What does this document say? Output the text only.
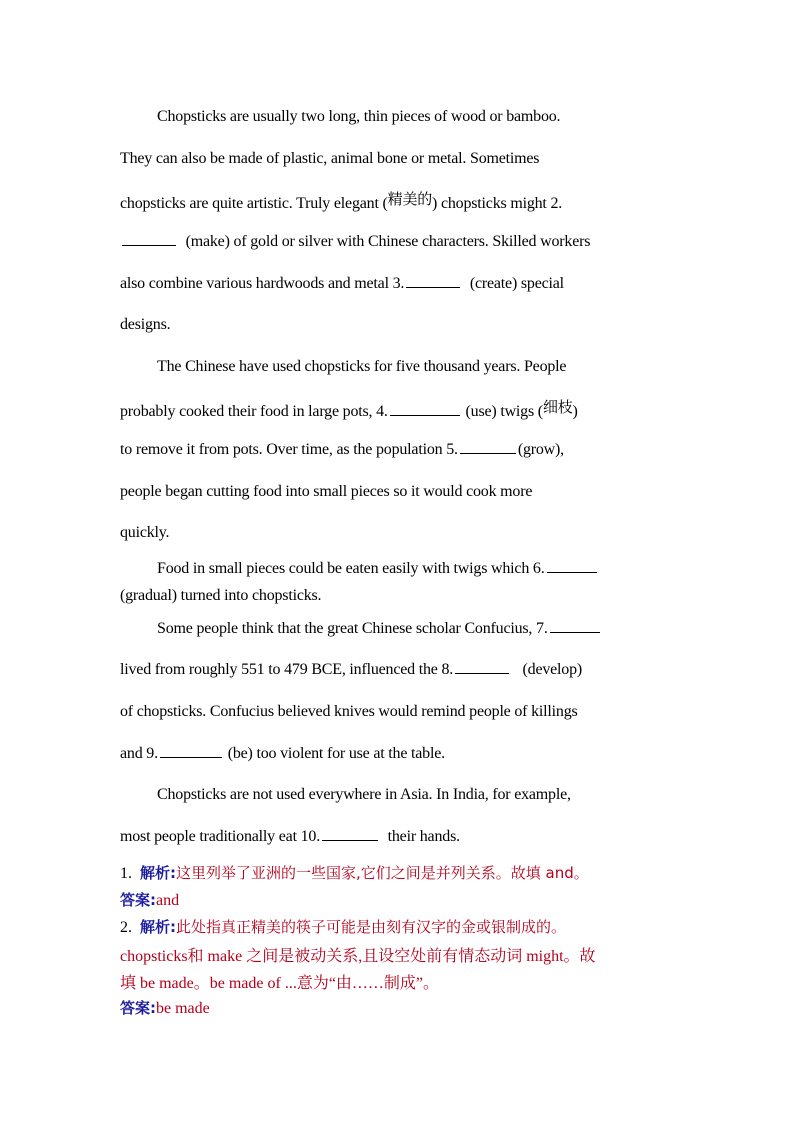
Chopsticks are usually two long, thin pieces of wood or bamboo.
They can also be made of plastic, animal bone or metal. Sometimes
chopsticks are quite artistic. Truly elegant (精美的) chopsticks might 2.
(make) of gold or silver with Chinese characters. Skilled workers
also combine various hardwoods and metal 3.	(create) special
designs.
The Chinese have used chopsticks for five thousand years. People
probably cooked their food in large pots, 4.	(use) twigs (细枝)
to remove it from pots. Over time, as the population 5.	(grow),
people began cutting food into small pieces so it would cook more
quickly.
Food in small pieces could be eaten easily with twigs which 6.
(gradual) turned into chopsticks.
Some people think that the great Chinese scholar Confucius, 7.
lived from roughly 551 to 479 BCE, influenced the 8.	(develop)
of chopsticks. Confucius believed knives would remind people of killings
and 9.	(be) too violent for use at the table.
Chopsticks are not used everywhere in Asia. In India, for example,
most people traditionally eat 10.	their hands.
1. 解析:这里列举了亚洲的一些国家,它们之间是并列关系。故填 and。
答案:and
2. 解析:此处指真正精美的筷子可能是由刻有汉字的金或银制成的。
chopsticks和 make 之间是被动关系,且设空处前有情态动词 might。故
填 be made。be made of ...意为“由……制成”。
答案:be made
